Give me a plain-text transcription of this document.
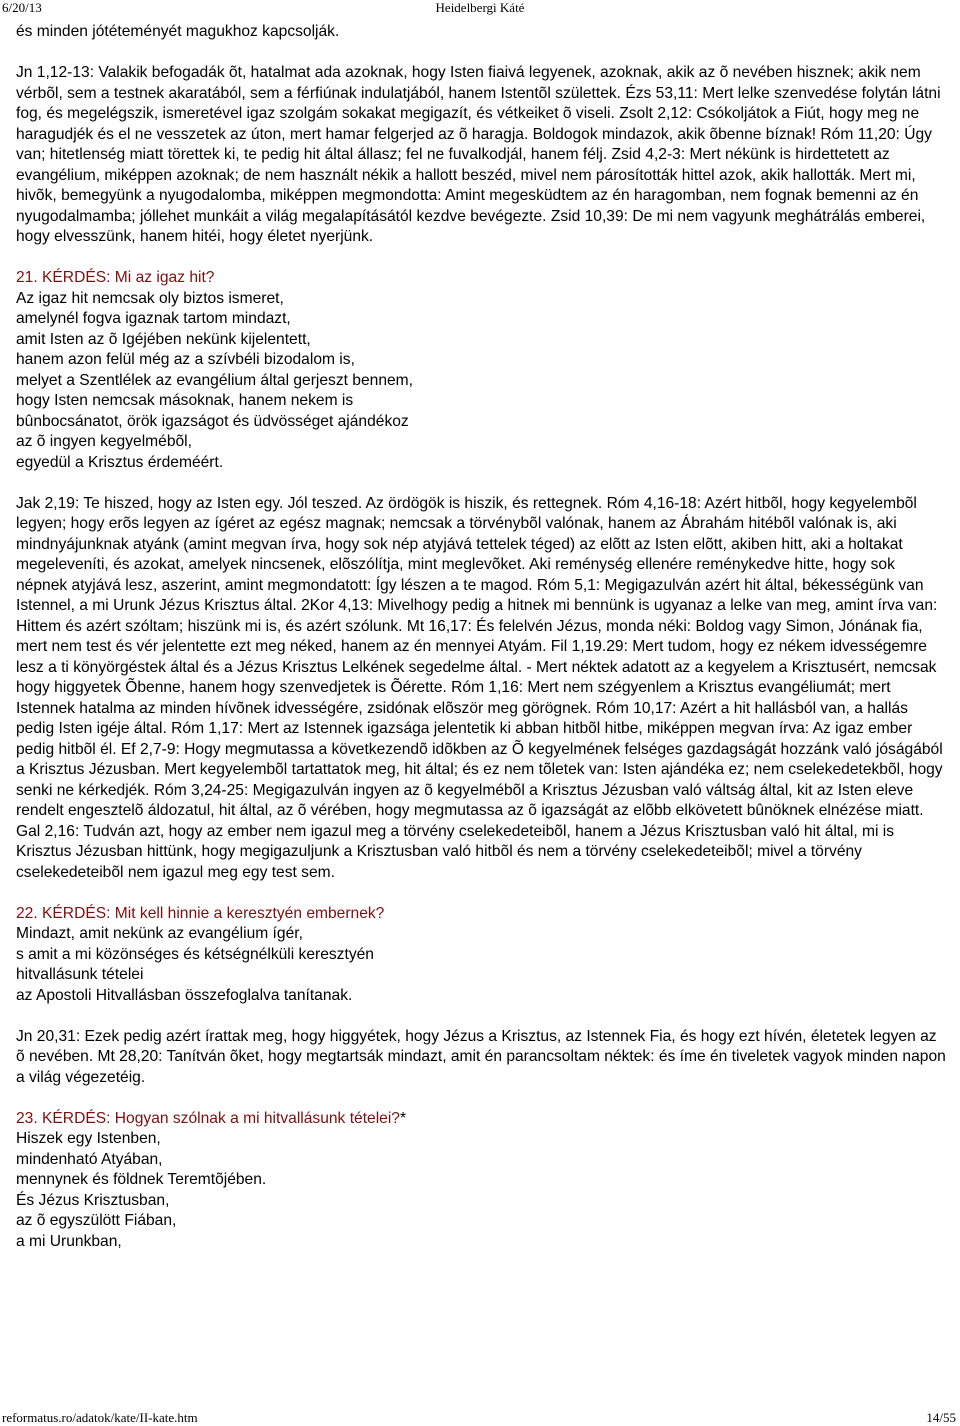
6/20/13	Heidelbergi Káté

és minden jótéteményét magukhoz kapcsolják.

Jn 1,12-13: Valakik befogadák õt, hatalmat ada azoknak, hogy Isten fiaivá legyenek, azoknak, akik az õ nevében hisznek; akik nem vérbõl, sem a testnek akaratából, sem a férfiúnak indulatjából, hanem Istentõl születtek. Ézs 53,11: Mert lelke szenvedése folytán látni fog, és megelégszik, ismeretével igaz szolgám sokakat megigazít, és vétkeiket õ viseli. Zsolt 2,12: Csókoljátok a Fiút, hogy meg ne haragudjék és el ne vesszetek az úton, mert hamar felgerjed az õ haragja. Boldogok mindazok, akik õbenne bíznak! Róm 11,20: Úgy van; hitetlenség miatt törettek ki, te pedig hit által állasz; fel ne fuvalkodjál, hanem félj. Zsid 4,2-3: Mert nékünk is hirdettetett az evangélium, miképpen azoknak; de nem használt nékik a hallott beszéd, mivel nem párosították hittel azok, akik hallották. Mert mi, hivõk, bemegyünk a nyugodalomba, miképpen megmondotta: Amint megesküdtem az én haragomban, nem fognak bemenni az én nyugodalmamba; jóllehet munkáit a világ megalapításától kezdve bevégezte. Zsid 10,39: De mi nem vagyunk meghátrálás emberei, hogy elvesszünk, hanem hitéi, hogy életet nyerjünk.

21. KÉRDÉS: Mi az igaz hit?

Az igaz hit nemcsak oly biztos ismeret,
amelynél fogva igaznak tartom mindazt,
amit Isten az õ Igéjében nekünk kijelentett,
hanem azon felül még az a szívbéli bizodalom is,
melyet a Szentlélek az evangélium által gerjeszt bennem,
hogy Isten nemcsak másoknak, hanem nekem is
bûnbocsánatot, örök igazságot és üdvösséget ajándékoz
az õ ingyen kegyelmébõl,
egyedül a Krisztus érdeméért.

Jak 2,19: Te hiszed, hogy az Isten egy. Jól teszed. Az ördögök is hiszik, és rettegnek. Róm 4,16-18: Azért hitbõl, hogy kegyelembõl legyen; hogy erõs legyen az ígéret az egész magnak; nemcsak a törvénybõl valónak, hanem az Ábrahám hitébõl valónak is, aki mindnyájunknak atyánk (amint megvan írva, hogy sok nép atyjává tettelek téged) az elõtt az Isten elõtt, akiben hitt, aki a holtakat megeleveníti, és azokat, amelyek nincsenek, elõszólítja, mint meglevõket. Aki reménység ellenére reménykedve hitte, hogy sok népnek atyjává lesz, aszerint, amint megmondatott: Így lészen a te magod. Róm 5,1: Megigazulván azért hit által, békességünk van Istennel, a mi Urunk Jézus Krisztus által. 2Kor 4,13: Mivelhogy pedig a hitnek mi bennünk is ugyanaz a lelke van meg, amint írva van: Hittem és azért szóltam; hiszünk mi is, és azért szólunk. Mt 16,17: És felelvén Jézus, monda néki: Boldog vagy Simon, Jónának fia, mert nem test és vér jelentette ezt meg néked, hanem az én mennyei Atyám. Fil 1,19.29: Mert tudom, hogy ez nékem idvességemre lesz a ti könyörgéstek által és a Jézus Krisztus Lelkének segedelme által. - Mert néktek adatott az a kegyelem a Krisztusért, nemcsak hogy higgyetek Õbenne, hanem hogy szenvedjetek is Õérette. Róm 1,16: Mert nem szégyenlem a Krisztus evangéliumát; mert Istennek hatalma az minden hívõnek idvességére, zsidónak elõször meg görögnek. Róm 10,17: Azért a hit hallásból van, a hallás pedig Isten igéje által. Róm 1,17: Mert az Istennek igazsága jelentetik ki abban hitbõl hitbe, miképpen megvan írva: Az igaz ember pedig hitbõl él. Ef 2,7-9: Hogy megmutassa a következendõ idõkben az Õ kegyelmének felséges gazdagságát hozzánk való jóságából a Krisztus Jézusban. Mert kegyelembõl tartattatok meg, hit által; és ez nem tõletek van: Isten ajándéka ez; nem cselekedetekbõl, hogy senki ne kérkedjék. Róm 3,24-25: Megigazulván ingyen az õ kegyelmébõl a Krisztus Jézusban való váltság által, kit az Isten eleve rendelt engesztelõ áldozatul, hit által, az õ vérében, hogy megmutassa az õ igazságát az elõbb elkövetett bûnöknek elnézése miatt. Gal 2,16: Tudván azt, hogy az ember nem igazul meg a törvény cselekedeteibõl, hanem a Jézus Krisztusban való hit által, mi is Krisztus Jézusban hittünk, hogy megigazuljunk a Krisztusban való hitbõl és nem a törvény cselekedeteibõl; mivel a törvény cselekedeteibõl nem igazul meg egy test sem.

22. KÉRDÉS: Mit kell hinnie a keresztyén embernek?

Mindazt, amit nekünk az evangélium ígér,
s amit a mi közönséges és kétségnélküli keresztyén
hitvallásunk tételei
az Apostoli Hitvallásban összefoglalva tanítanak.

Jn 20,31: Ezek pedig azért írattak meg, hogy higgyétek, hogy Jézus a Krisztus, az Istennek Fia, és hogy ezt hívén, életetek legyen az õ nevében. Mt 28,20: Tanítván õket, hogy megtartsák mindazt, amit én parancsoltam néktek: és íme én tiveletek vagyok minden napon a világ végezetéig.

23. KÉRDÉS: Hogyan szólnak a mi hitvallásunk tételei?*

Hiszek egy Istenben,
mindenható Atyában,
mennynek és földnek Teremtõjében.
És Jézus Krisztusban,
az õ egyszülött Fiában,
a mi Urunkban,
reformatus.ro/adatok/kate/II-kate.htm	14/55
